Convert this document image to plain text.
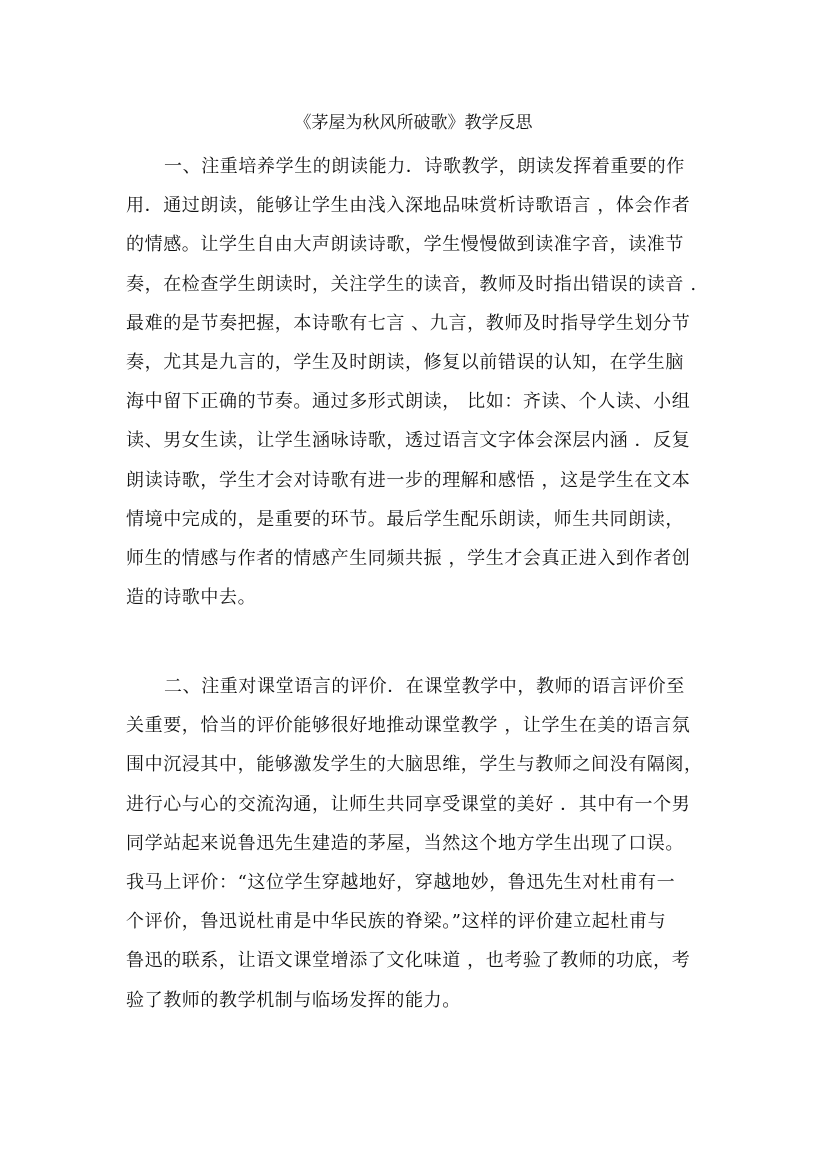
《茅屋为秋风所破歌》教学反思
一、注重培养学生的朗读能力．诗歌教学，朗读发挥着重要的作
用．通过朗读，能够让学生由浅入深地品味赏析诗歌语言 ，体会作者
的情感。让学生自由大声朗读诗歌，学生慢慢做到读准字音，读准节
奏，在检查学生朗读时，关注学生的读音，教师及时指出错误的读音 .
最难的是节奏把握，本诗歌有七言 、九言，教师及时指导学生划分节
奏，尤其是九言的，学生及时朗读，修复以前错误的认知，在学生脑
海中留下正确的节奏。通过多形式朗读， 比如：齐读、个人读、小组
读、男女生读，让学生涵咏诗歌，透过语言文字体会深层内涵 ．反复
朗读诗歌，学生才会对诗歌有进一步的理解和感悟 ，这是学生在文本
情境中完成的，是重要的环节。最后学生配乐朗读，师生共同朗读，
师生的情感与作者的情感产生同频共振 ，学生才会真正进入到作者创
造的诗歌中去。
二、注重对课堂语言的评价．在课堂教学中，教师的语言评价至
关重要，恰当的评价能够很好地推动课堂教学 ，让学生在美的语言氛
围中沉浸其中，能够激发学生的大脑思维，学生与教师之间没有隔阂，
进行心与心的交流沟通，让师生共同享受课堂的美好 ．其中有一个男
同学站起来说鲁迅先生建造的茅屋，当然这个地方学生出现了口误。
我马上评价：“这位学生穿越地好，穿越地妙，鲁迅先生对杜甫有一
个评价，鲁迅说杜甫是中华民族的脊梁。”这样的评价建立起杜甫与
鲁迅的联系，让语文课堂增添了文化味道 ，也考验了教师的功底，考
验了教师的教学机制与临场发挥的能力。
